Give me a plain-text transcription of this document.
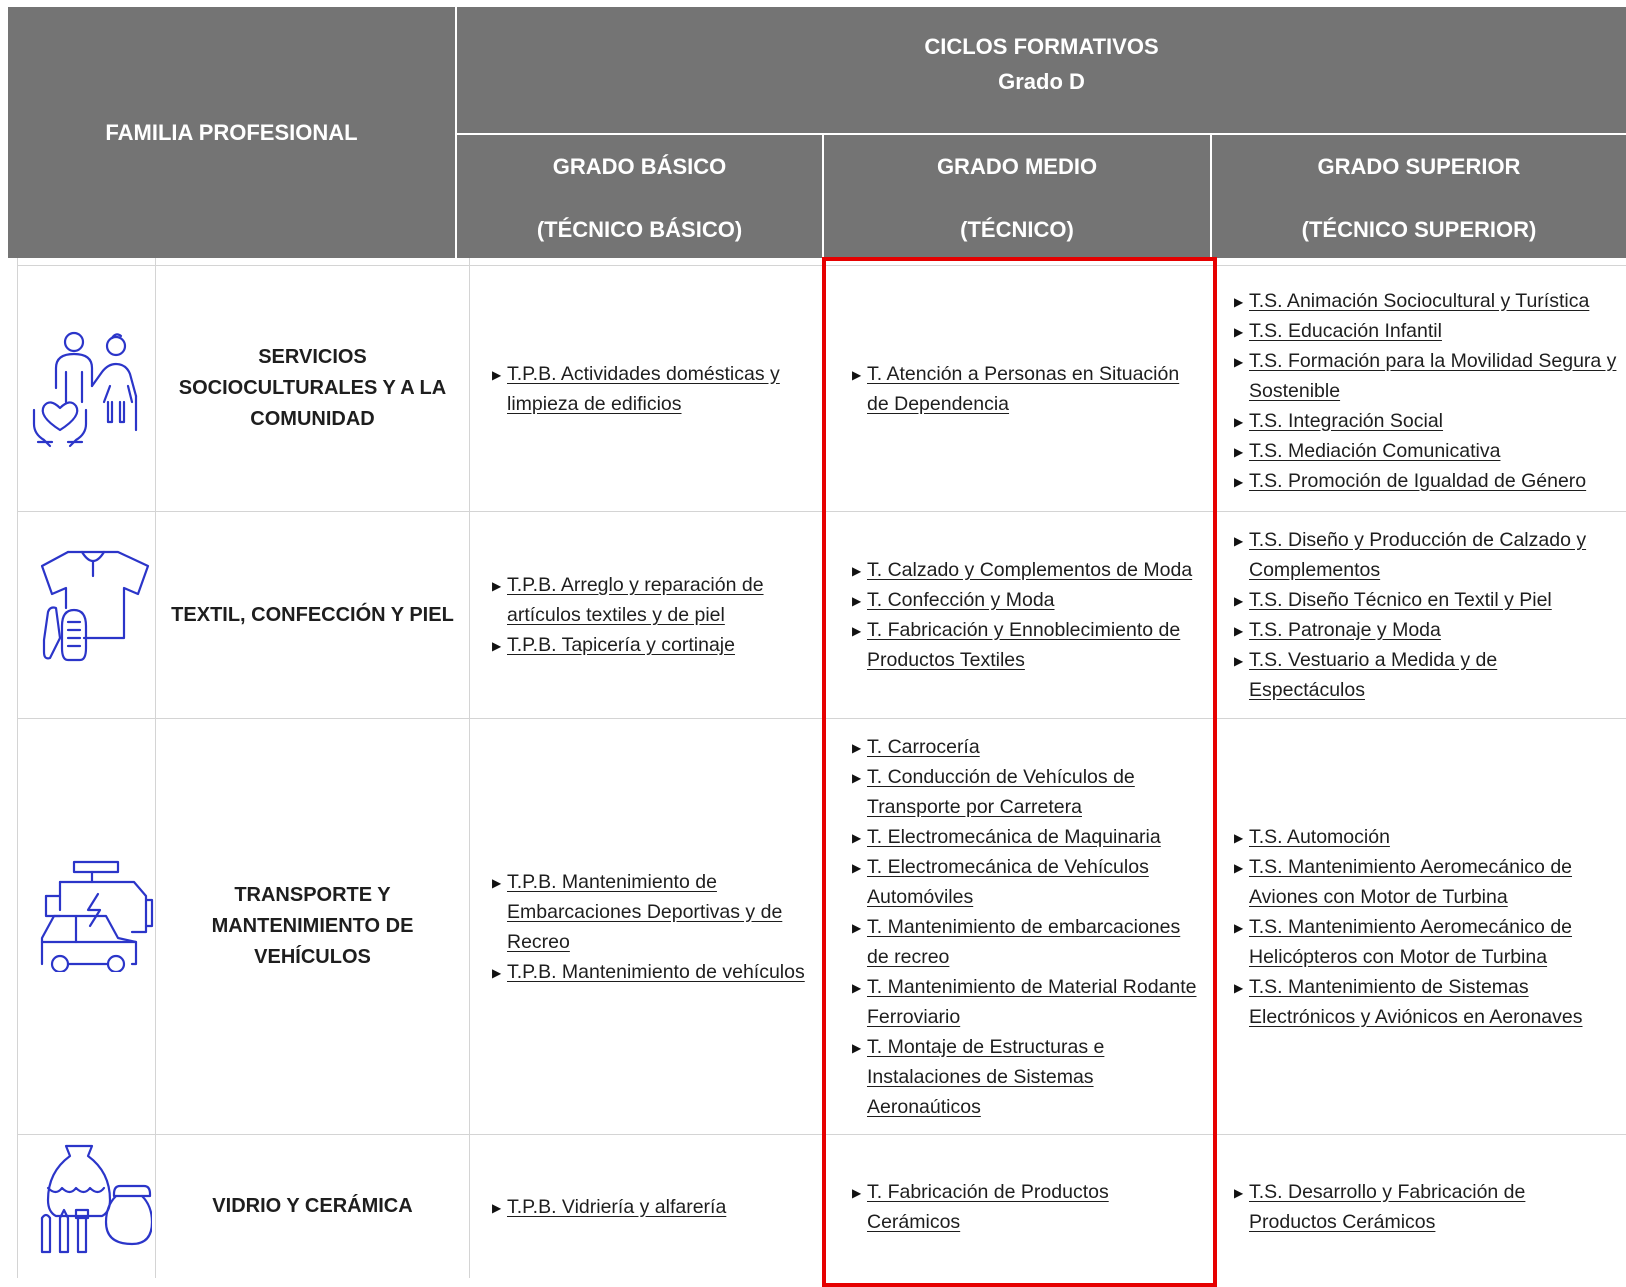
FAMILIA PROFESIONAL
CICLOS FORMATIVOS
Grado D
GRADO BÁSICO
(TÉCNICO BÁSICO)
GRADO MEDIO
(TÉCNICO)
GRADO SUPERIOR
(TÉCNICO SUPERIOR)
SERVICIOS SOCIOCULTURALES Y A LA COMUNIDAD
▶ T.P.B. Actividades domésticas y limpieza de edificios
▶ T. Atención a Personas en Situación de Dependencia
▶ T.S. Animación Sociocultural y Turística
▶ T.S. Educación Infantil
▶ T.S. Formación para la Movilidad Segura y Sostenible
▶ T.S. Integración Social
▶ T.S. Mediación Comunicativa
▶ T.S. Promoción de Igualdad de Género
TEXTIL, CONFECCIÓN Y PIEL
▶ T.P.B. Arreglo y reparación de artículos textiles y de piel
▶ T.P.B. Tapicería y cortinaje
▶ T. Calzado y Complementos de Moda
▶ T. Confección y Moda
▶ T. Fabricación y Ennoblecimiento de Productos Textiles
▶ T.S. Diseño y Producción de Calzado y Complementos
▶ T.S. Diseño Técnico en Textil y Piel
▶ T.S. Patronaje y Moda
▶ T.S. Vestuario a Medida y de Espectáculos
TRANSPORTE Y MANTENIMIENTO DE VEHÍCULOS
▶ T.P.B. Mantenimiento de Embarcaciones Deportivas y de Recreo
▶ T.P.B. Mantenimiento de vehículos
▶ T. Carrocería
▶ T. Conducción de Vehículos de Transporte por Carretera
▶ T. Electromecánica de Maquinaria
▶ T. Electromecánica de Vehículos Automóviles
▶ T. Mantenimiento de embarcaciones de recreo
▶ T. Mantenimiento de Material Rodante Ferroviario
▶ T. Montaje de Estructuras e Instalaciones de Sistemas Aeronaúticos
▶ T.S. Automoción
▶ T.S. Mantenimiento Aeromecánico de Aviones con Motor de Turbina
▶ T.S. Mantenimiento Aeromecánico de Helicópteros con Motor de Turbina
▶ T.S. Mantenimiento de Sistemas Electrónicos y Aviónicos en Aeronaves
VIDRIO Y CERÁMICA	▶ T.P.B. Vidriería y alfarería
▶ T. Fabricación de Productos Cerámicos
▶ T.S. Desarrollo y Fabricación de Productos Cerámicos
